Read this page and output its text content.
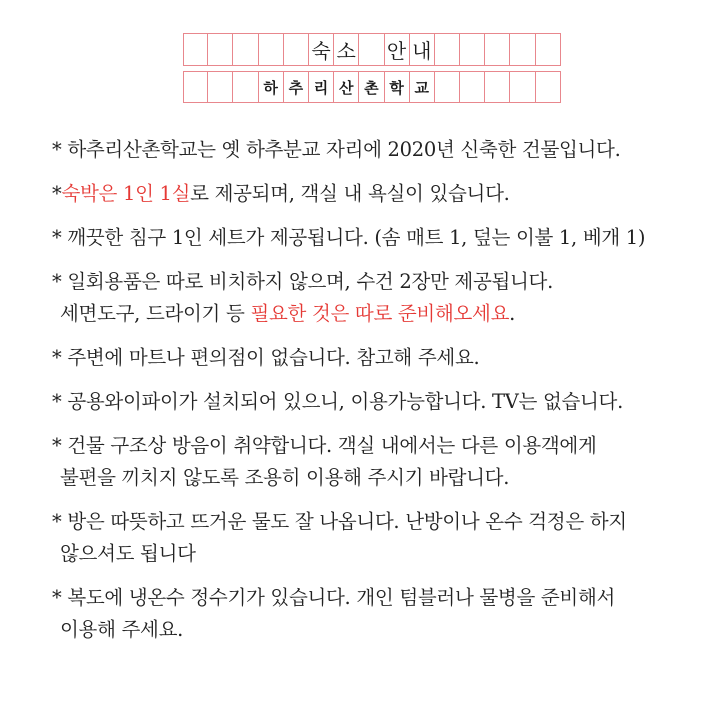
숙 소 안 내
하 추 리 산 촌 학 교
* 하추리산촌학교는 옛 하추분교 자리에 2020년 신축한 건물입니다.
*숙박은 1인 1실로 제공되며, 객실 내 욕실이 있습니다.
* 깨끗한 침구 1인 세트가 제공됩니다. (솜 매트 1, 덮는 이불 1, 베개 1)
* 일회용품은 따로 비치하지 않으며, 수건 2장만 제공됩니다.
세면도구, 드라이기 등 필요한 것은 따로 준비해오세요.
* 주변에 마트나 편의점이 없습니다. 참고해 주세요.
* 공용와이파이가 설치되어 있으니, 이용가능합니다. TV는 없습니다.
* 건물 구조상 방음이 취약합니다. 객실 내에서는 다른 이용객에게
불편을 끼치지 않도록 조용히 이용해 주시기 바랍니다.
* 방은 따뜻하고 뜨거운 물도 잘 나옵니다. 난방이나 온수 걱정은 하지
않으셔도 됩니다
* 복도에 냉온수 정수기가 있습니다. 개인 텀블러나 물병을 준비해서
이용해 주세요.
